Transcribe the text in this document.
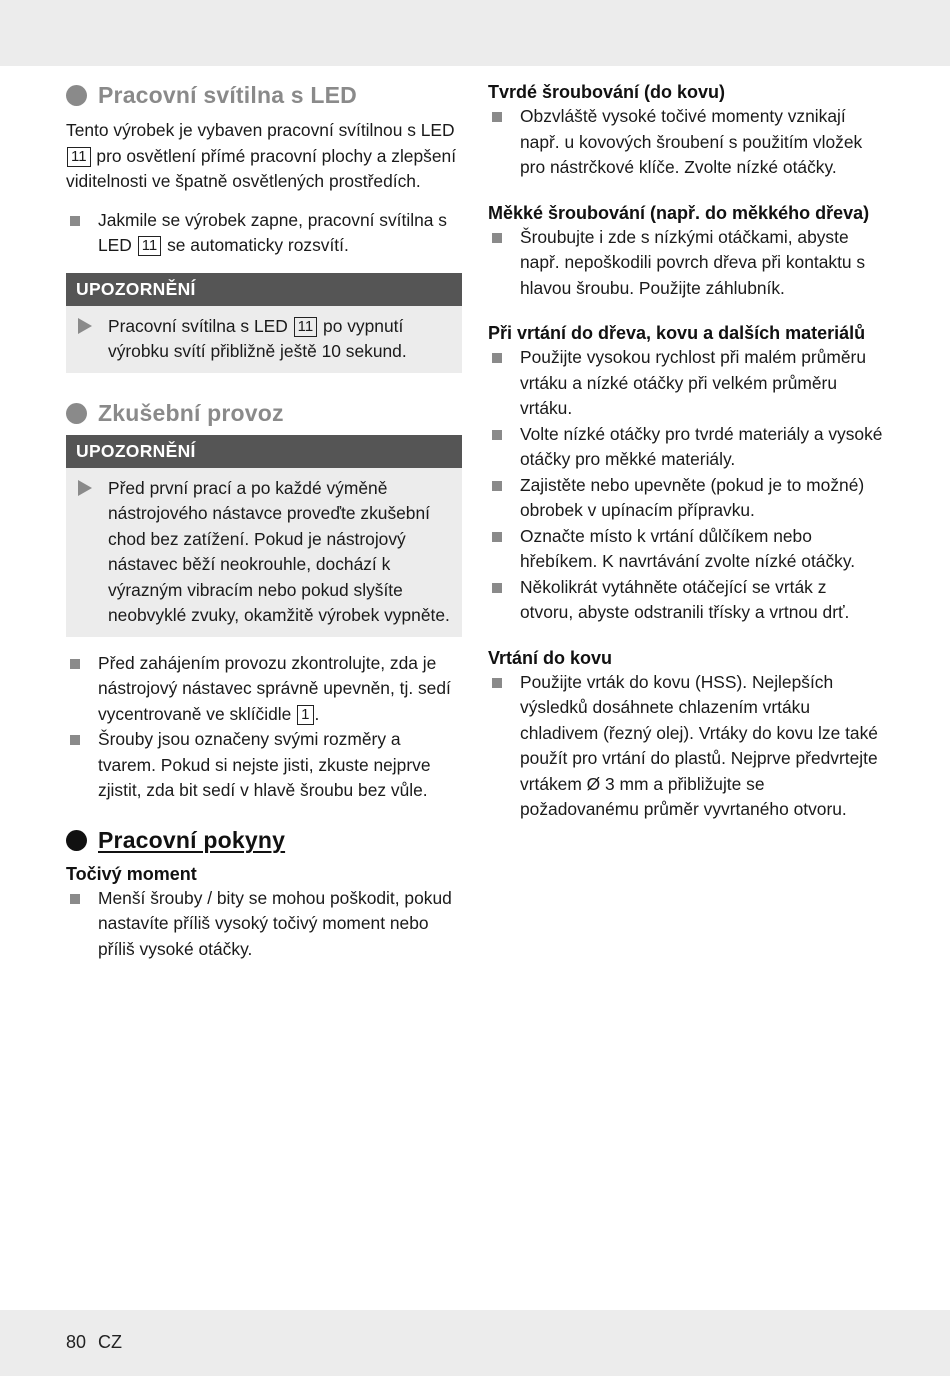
Pracovní svítilna s LED

Tento výrobek je vybaven pracovní svítilnou s LED 11 pro osvětlení přímé pracovní plochy a zlepšení viditelnosti ve špatně osvětlených prostředích.

Jakmile se výrobek zapne, pracovní svítilna s LED 11 se automaticky rozsvítí.
UPOZORNĚNÍ
Pracovní svítilna s LED 11 po vypnutí výrobku svítí přibližně ještě 10 sekund.
Zkušební provoz
UPOZORNĚNÍ
Před první prací a po každé výměně nástrojového nástavce proveďte zkušební chod bez zatížení. Pokud je nástrojový nástavec běží neokrouhle, dochází k výrazným vibracím nebo pokud slyšíte neobvyklé zvuky, okamžitě výrobek vypněte.
Před zahájením provozu zkontrolujte, zda je nástrojový nástavec správně upevněn, tj. sedí vycentrovaně ve sklíčidle 1 .
Šrouby jsou označeny svými rozměry a tvarem. Pokud si nejste jisti, zkuste nejprve zjistit, zda bit sedí v hlavě šroubu bez vůle.
Pracovní pokyny
Točivý moment
Menší šrouby / bity se mohou poškodit, pokud nastavíte příliš vysoký točivý moment nebo příliš vysoké otáčky.
Tvrdé šroubování (do kovu)
Obzvláště vysoké točivé momenty vznikají např. u kovových šroubení s použitím vložek pro nástrčkové klíče. Zvolte nízké otáčky.
Měkké šroubování (např. do měkkého dřeva)
Šroubujte i zde s nízkými otáčkami, abyste např. nepoškodili povrch dřeva při kontaktu s hlavou šroubu. Použijte záhlubník.
Při vrtání do dřeva, kovu a dalších materiálů
Použijte vysokou rychlost při malém průměru vrtáku a nízké otáčky při velkém průměru vrtáku.
Volte nízké otáčky pro tvrdé materiály a vysoké otáčky pro měkké materiály.
Zajistěte nebo upevněte (pokud je to možné) obrobek v upínacím přípravku.
Označte místo k vrtání důlčíkem nebo hřebíkem. K navrtávání zvolte nízké otáčky.
Několikrát vytáhněte otáčející se vrták z otvoru, abyste odstranili třísky a vrtnou drť.
Vrtání do kovu
Použijte vrták do kovu (HSS). Nejlepších výsledků dosáhnete chlazením vrtáku chladivem (řezný olej). Vrtáky do kovu lze také použít pro vrtání do plastů. Nejprve předvrtejte vrtákem Ø 3 mm a přibližujte se požadovanému průměr vyvrtaného otvoru.
80 CZ
